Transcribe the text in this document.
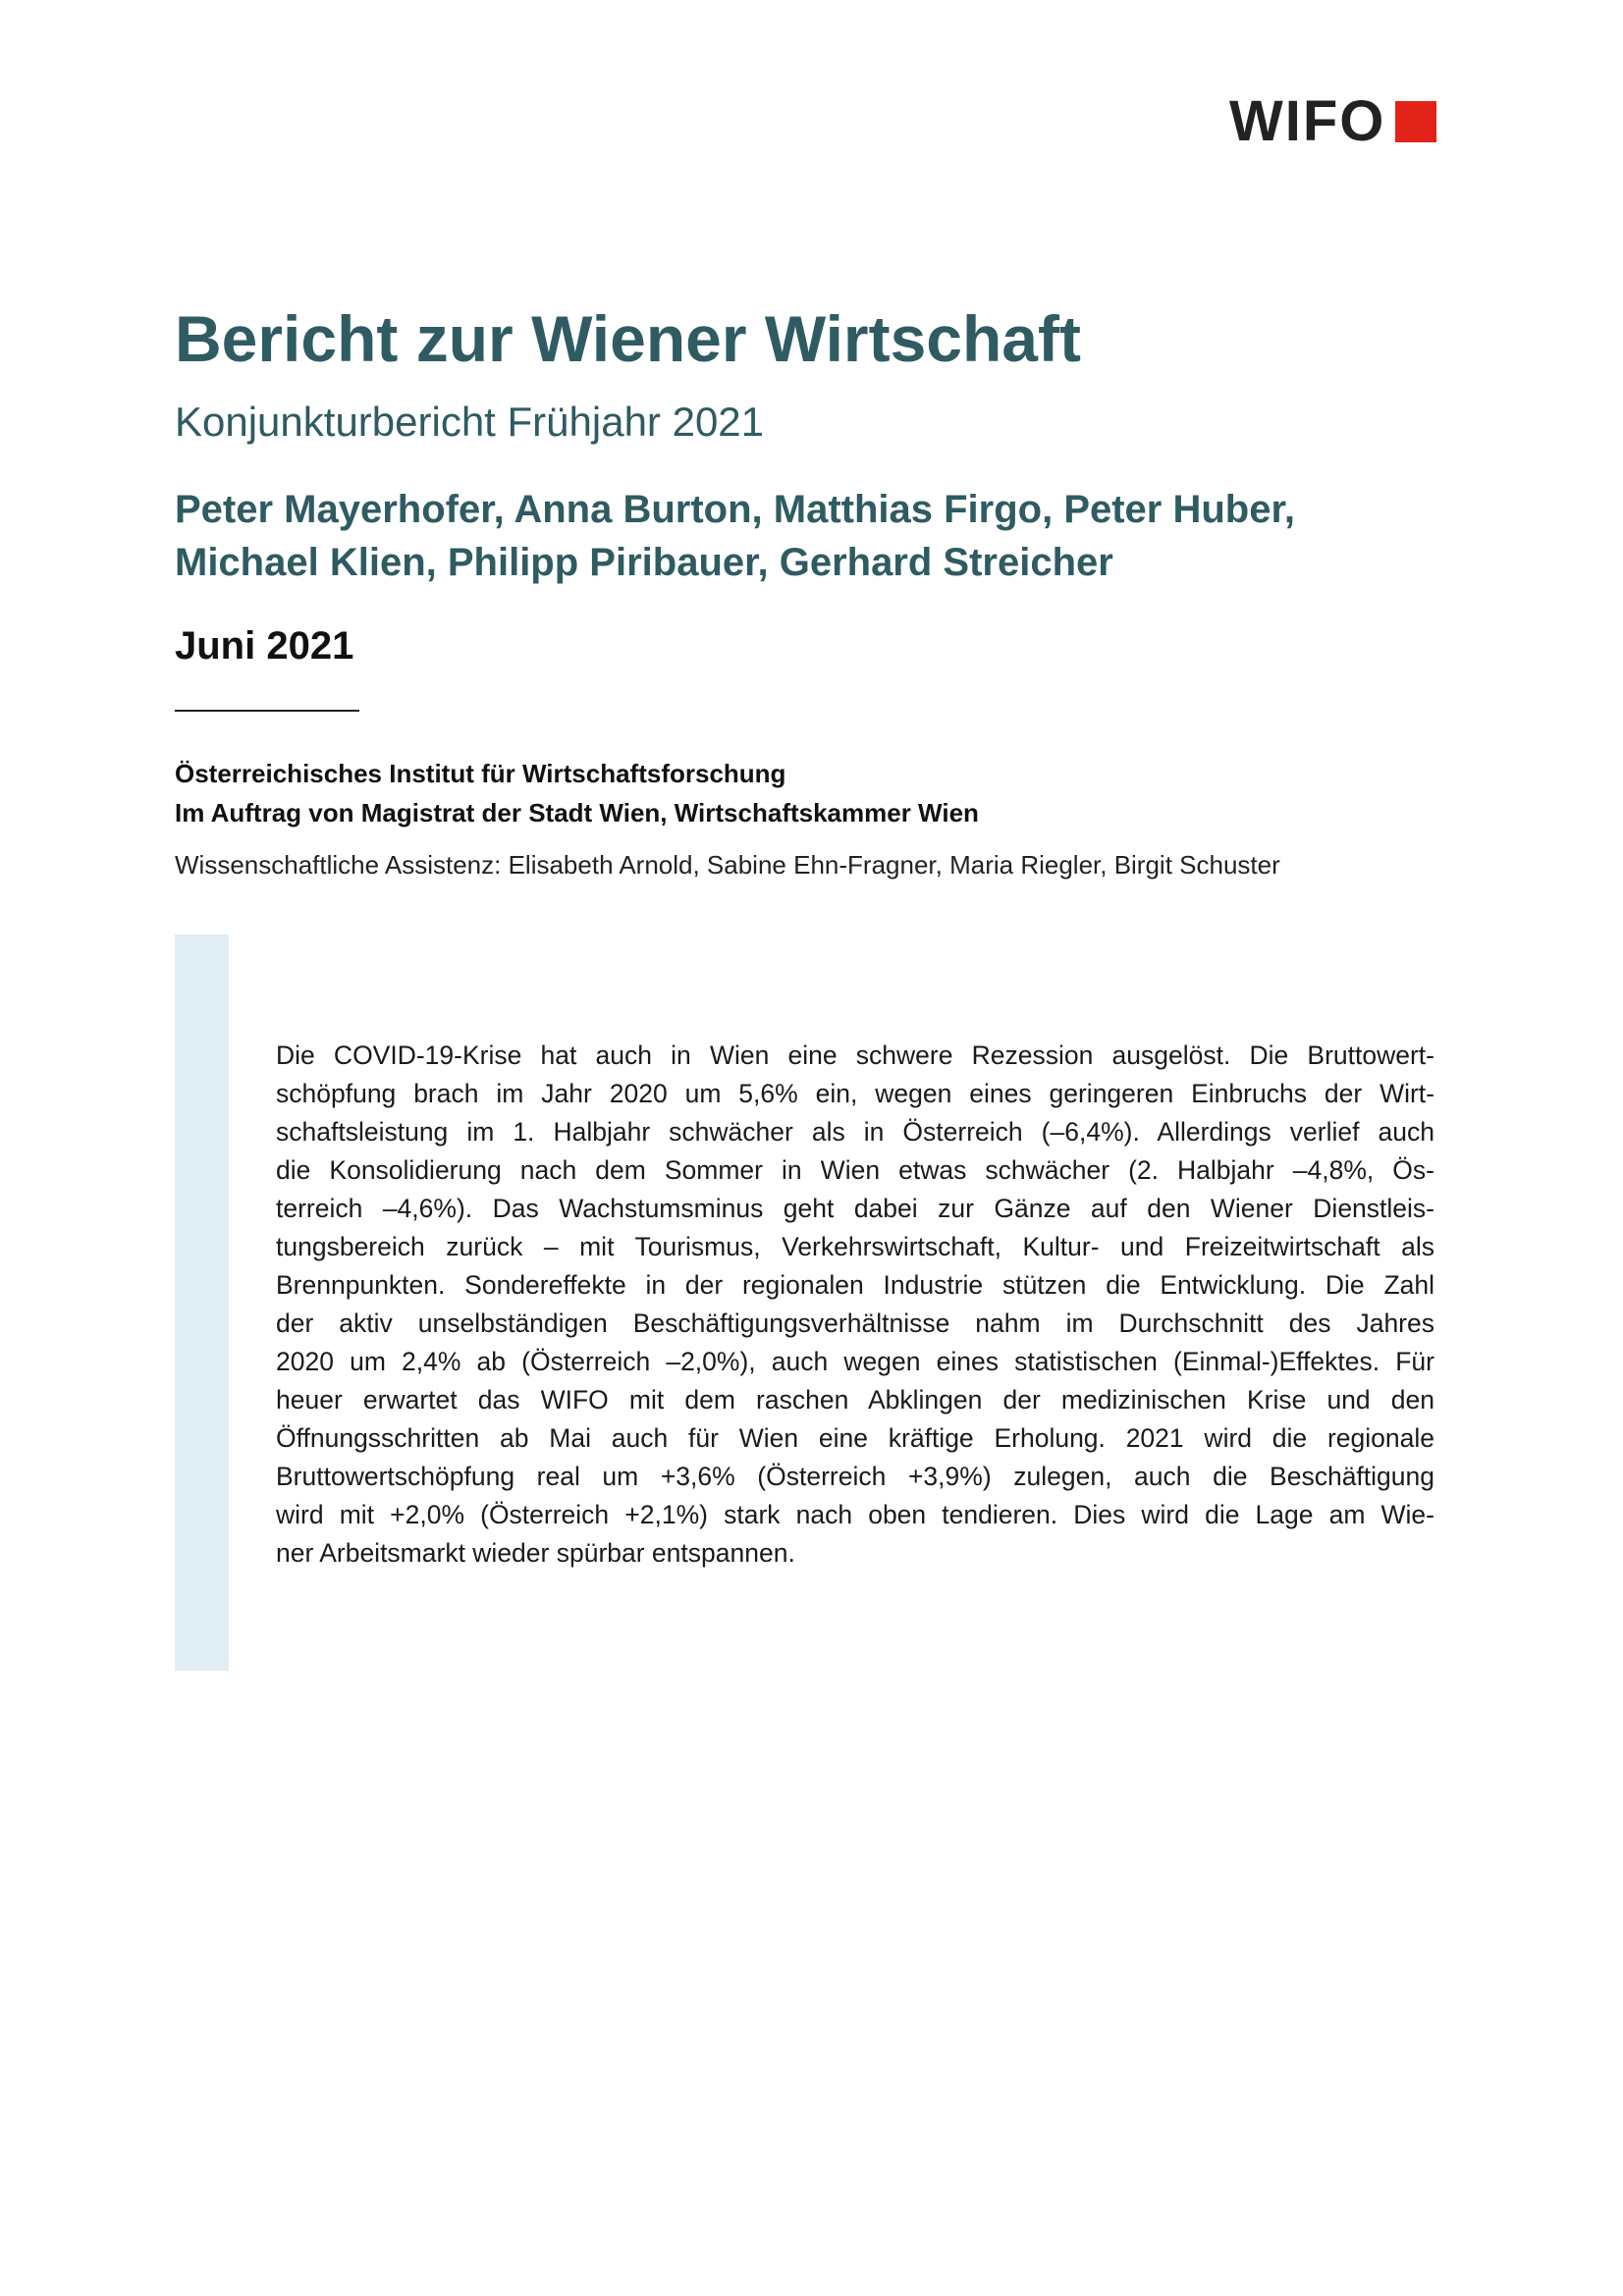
WIFO
Bericht zur Wiener Wirtschaft
Konjunkturbericht Frühjahr 2021
Peter Mayerhofer, Anna Burton, Matthias Firgo, Peter Huber,
Michael Klien, Philipp Piribauer, Gerhard Streicher
Juni 2021
Österreichisches Institut für Wirtschaftsforschung
Im Auftrag von Magistrat der Stadt Wien, Wirtschaftskammer Wien
Wissenschaftliche Assistenz: Elisabeth Arnold, Sabine Ehn-Fragner, Maria Riegler, Birgit Schuster
Die COVID-19-Krise hat auch in Wien eine schwere Rezession ausgelöst. Die Bruttowert-
schöpfung brach im Jahr 2020 um 5,6% ein, wegen eines geringeren Einbruchs der Wirt-
schaftsleistung im 1. Halbjahr schwächer als in Österreich (–6,4%). Allerdings verlief auch
die Konsolidierung nach dem Sommer in Wien etwas schwächer (2. Halbjahr –4,8%, Ös-
terreich –4,6%). Das Wachstumsminus geht dabei zur Gänze auf den Wiener Dienstleis-
tungsbereich zurück – mit Tourismus, Verkehrswirtschaft, Kultur- und Freizeitwirtschaft als
Brennpunkten. Sondereffekte in der regionalen Industrie stützen die Entwicklung. Die Zahl
der aktiv unselbständigen Beschäftigungsverhältnisse nahm im Durchschnitt des Jahres
2020 um 2,4% ab (Österreich –2,0%), auch wegen eines statistischen (Einmal-)Effektes. Für
heuer erwartet das WIFO mit dem raschen Abklingen der medizinischen Krise und den
Öffnungsschritten ab Mai auch für Wien eine kräftige Erholung. 2021 wird die regionale
Bruttowertschöpfung real um +3,6% (Österreich +3,9%) zulegen, auch die Beschäftigung
wird mit +2,0% (Österreich +2,1%) stark nach oben tendieren. Dies wird die Lage am Wie-
ner Arbeitsmarkt wieder spürbar entspannen.
